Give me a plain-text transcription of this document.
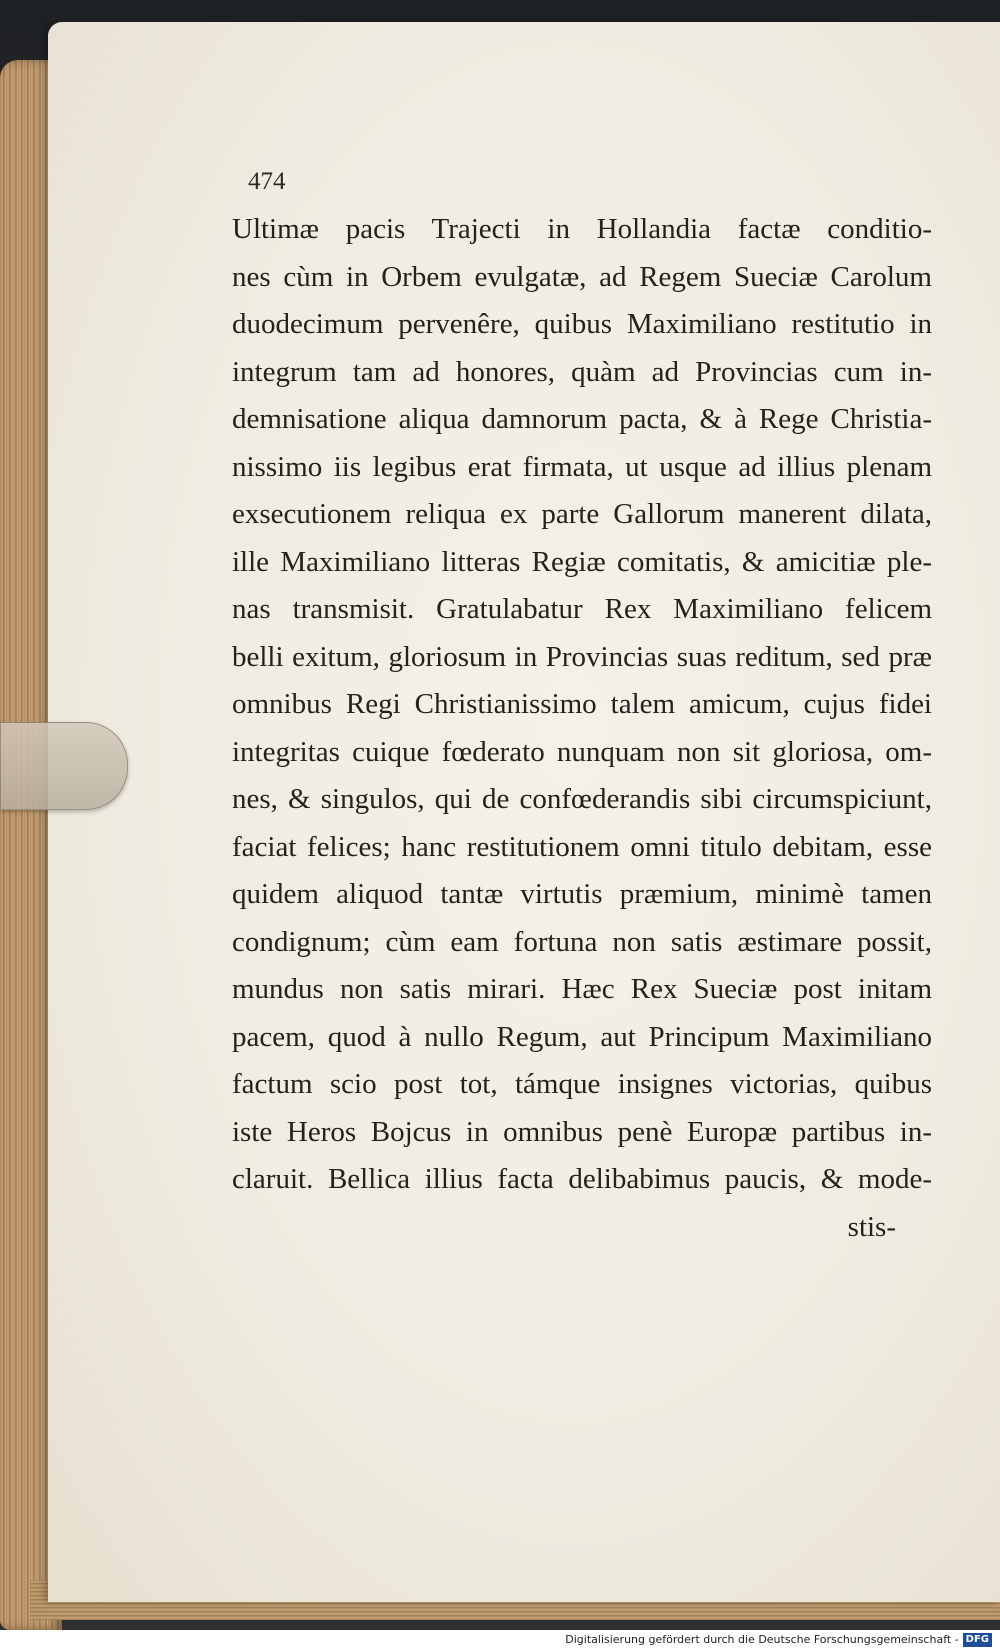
474
Ultimæ pacis Trajecti in Hollandia factæ conditio-
nes cùm in Orbem evulgatæ, ad Regem Sueciæ Carolum
duodecimum pervenêre, quibus Maximiliano restitutio in
integrum tam ad honores, quàm ad Provincias cum in-
demnisatione aliqua damnorum pacta, & à Rege Christia-
nissimo iis legibus erat firmata, ut usque ad illius plenam
exsecutionem reliqua ex parte Gallorum manerent dilata,
ille Maximiliano litteras Regiæ comitatis, & amicitiæ ple-
nas transmisit. Gratulabatur Rex Maximiliano felicem
belli exitum, gloriosum in Provincias suas reditum, sed præ
omnibus Regi Christianissimo talem amicum, cujus fidei
integritas cuique fœderato nunquam non sit gloriosa, om-
nes, & singulos, qui de confœderandis sibi circumspiciunt,
faciat felices; hanc restitutionem omni titulo debitam, esse
quidem aliquod tantæ virtutis præmium, minimè tamen
condignum; cùm eam fortuna non satis æstimare possit,
mundus non satis mirari. Hæc Rex Sueciæ post initam
pacem, quod à nullo Regum, aut Principum Maximiliano
factum scio post tot, támque insignes victorias, quibus
iste Heros Bojcus in omnibus penè Europæ partibus in-
claruit. Bellica illius facta delibabimus paucis, & mode-
stis-
Digitalisierung gefördert durch die Deutsche Forschungsgemeinschaft - DFG
